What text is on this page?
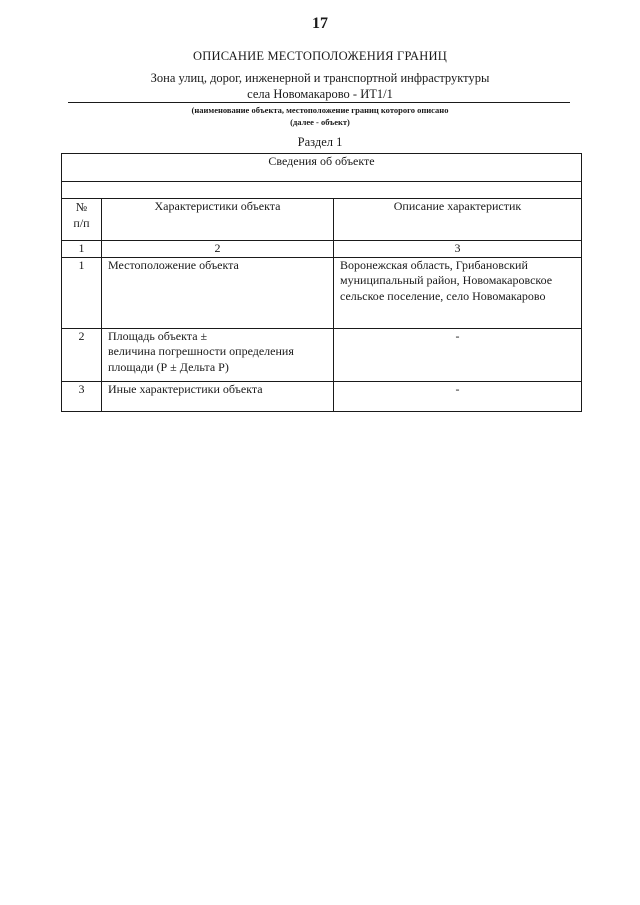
17
ОПИСАНИЕ МЕСТОПОЛОЖЕНИЯ ГРАНИЦ
Зона улиц, дорог, инженерной и транспортной инфраструктуры
села Новомакарово - ИТ1/1
(наименование объекта, местоположение границ которого описано
(далее - объект)
Раздел 1
Сведения об объекте		

№
п/п	Характеристики объекта	Описание характеристик
1	2	3
1	Местоположение объекта	Воронежская область, Грибановский
муниципальный район, Новомакаровское
сельское поселение, село Новомакарово

2	Площадь объекта ±
величина погрешности определения
площади (Р ± Дельта Р)	-
3	Иные характеристики объекта	-
